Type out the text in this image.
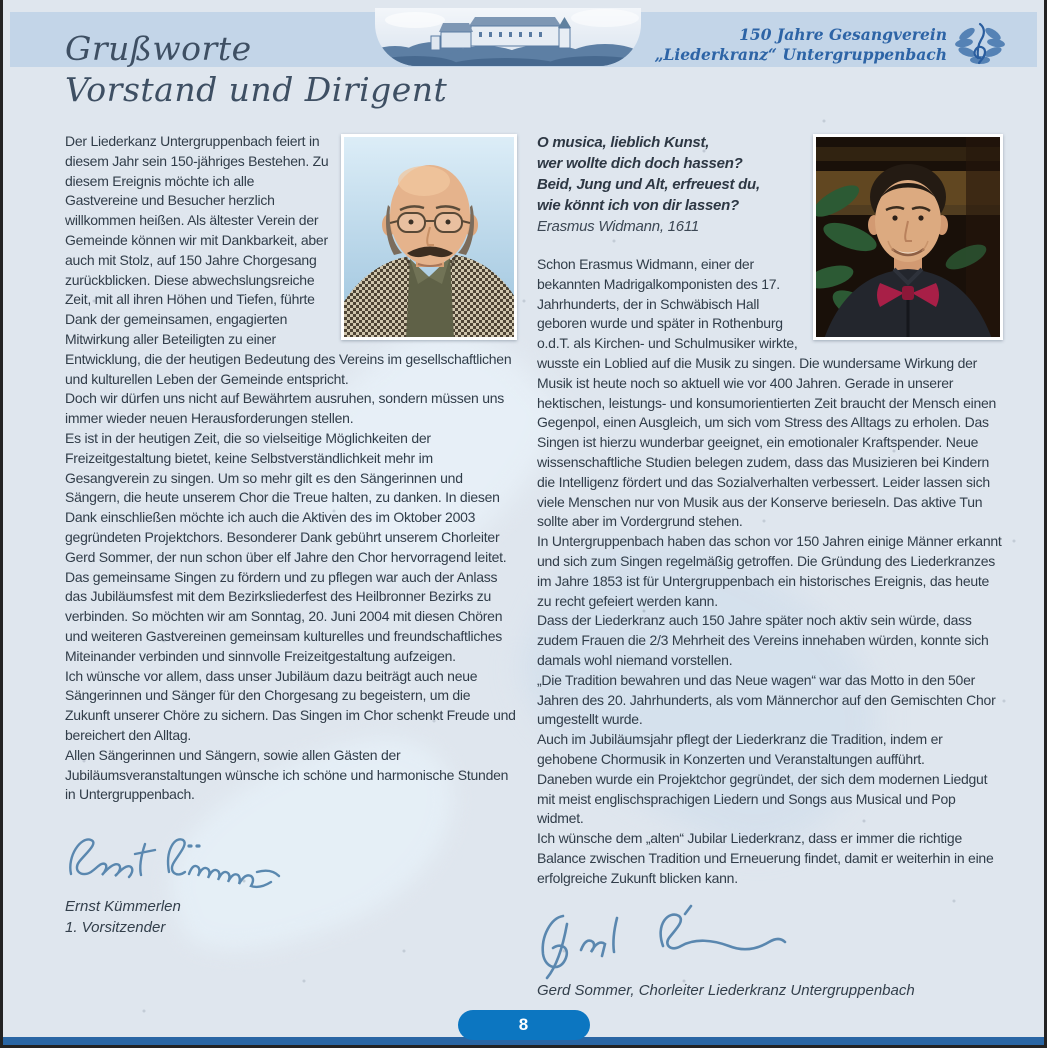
Grußworte
Vorstand und Dirigent
150 Jahre Gesangverein
„Liederkranz“ Untergruppenbach

Der Liederkanz Untergruppenbach feiert in diesem Jahr sein 150-jähriges Bestehen. Zu diesem Ereignis möchte ich alle Gastvereine und Besucher herzlich willkommen heißen. Als ältester Verein der Gemeinde können wir mit Dankbarkeit, aber auch mit Stolz, auf 150 Jahre Chorgesang zurückblicken. Diese abwechslungsreiche Zeit, mit all ihren Höhen und Tiefen, führte Dank der gemeinsamen, engagierten Mitwirkung aller Beteiligten zu einer Entwicklung, die der heutigen Bedeutung des Vereins im gesellschaftlichen und kulturellen Leben der Gemeinde entspricht.

Doch wir dürfen uns nicht auf Bewährtem ausruhen, sondern müssen uns immer wieder neuen Herausforderungen stellen.

Es ist in der heutigen Zeit, die so vielseitige Möglichkeiten der Freizeitgestaltung bietet, keine Selbstverständlichkeit mehr im Gesangverein zu singen. Um so mehr gilt es den Sängerinnen und Sängern, die heute unserem Chor die Treue halten, zu danken. In diesen Dank einschließen möchte ich auch die Aktiven des im Oktober 2003 gegründeten Projektchors. Besonderer Dank gebührt unserem Chorleiter Gerd Sommer, der nun schon über elf Jahre den Chor hervorragend leitet. Das gemeinsame Singen zu fördern und zu pflegen war auch der Anlass das Jubiläumsfest mit dem Bezirksliederfest des Heilbronner Bezirks zu verbinden. So möchten wir am Sonntag, 20. Juni 2004 mit diesen Chören und weiteren Gastvereinen gemeinsam kulturelles und freundschaftliches Miteinander verbinden und sinnvolle Freizeitgestaltung aufzeigen.

Ich wünsche vor allem, dass unser Jubiläum dazu beiträgt auch neue Sängerinnen und Sänger für den Chorgesang zu begeistern, um die Zukunft unserer Chöre zu sichern. Das Singen im Chor schenkt Freude und bereichert den Alltag.

Allen Sängerinnen und Sängern, sowie allen Gästen der Jubiläumsveranstaltungen wünsche ich schöne und harmonische Stunden in Untergruppenbach.

O musica, lieblich Kunst,
wer wollte dich doch hassen?
Beid, Jung und Alt, erfreuest du,
wie könnt ich von dir lassen?
Erasmus Widmann, 1611

Schon Erasmus Widmann, einer der bekannten Madrigalkomponisten des 17. Jahrhunderts, der in Schwäbisch Hall geboren wurde und später in Rothenburg o.d.T. als Kirchen- und Schulmusiker wirkte, wusste ein Loblied auf die Musik zu singen. Die wundersame Wirkung der Musik ist heute noch so aktuell wie vor 400 Jahren. Gerade in unserer hektischen, leistungs- und konsumorientierten Zeit braucht der Mensch einen Gegenpol, einen Ausgleich, um sich vom Stress des Alltags zu erholen. Das Singen ist hierzu wunderbar geeignet, ein emotionaler Kraftspender. Neue wissenschaftliche Studien belegen zudem, dass das Musizieren bei Kindern die Intelligenz fördert und das Sozialverhalten verbessert. Leider lassen sich viele Menschen nur von Musik aus der Konserve berieseln. Das aktive Tun sollte aber im Vordergrund stehen.

In Untergruppenbach haben das schon vor 150 Jahren einige Männer erkannt und sich zum Singen regelmäßig getroffen. Die Gründung des Liederkranzes im Jahre 1853 ist für Untergruppenbach ein historisches Ereignis, das heute zu recht gefeiert werden kann.

Dass der Liederkranz auch 150 Jahre später noch aktiv sein würde, dass zudem Frauen die 2/3 Mehrheit des Vereins innehaben würden, konnte sich damals wohl niemand vorstellen.

„Die Tradition bewahren und das Neue wagen“ war das Motto in den 50er Jahren des 20. Jahrhunderts, als vom Männerchor auf den Gemischten Chor umgestellt wurde.

Auch im Jubiläumsjahr pflegt der Liederkranz die Tradition, indem er gehobene Chormusik in Konzerten und Veranstaltungen aufführt.

Daneben wurde ein Projektchor gegründet, der sich dem modernen Liedgut mit meist englischsprachigen Liedern und Songs aus Musical und Pop widmet.

Ich wünsche dem „alten“ Jubilar Liederkranz, dass er immer die richtige Balance zwischen Tradition und Erneuerung findet, damit er weiterhin in eine erfolgreiche Zukunft blicken kann.

Ernst Kümmerlen
1. Vorsitzender
Gerd Sommer, Chorleiter Liederkranz Untergruppenbach
8
